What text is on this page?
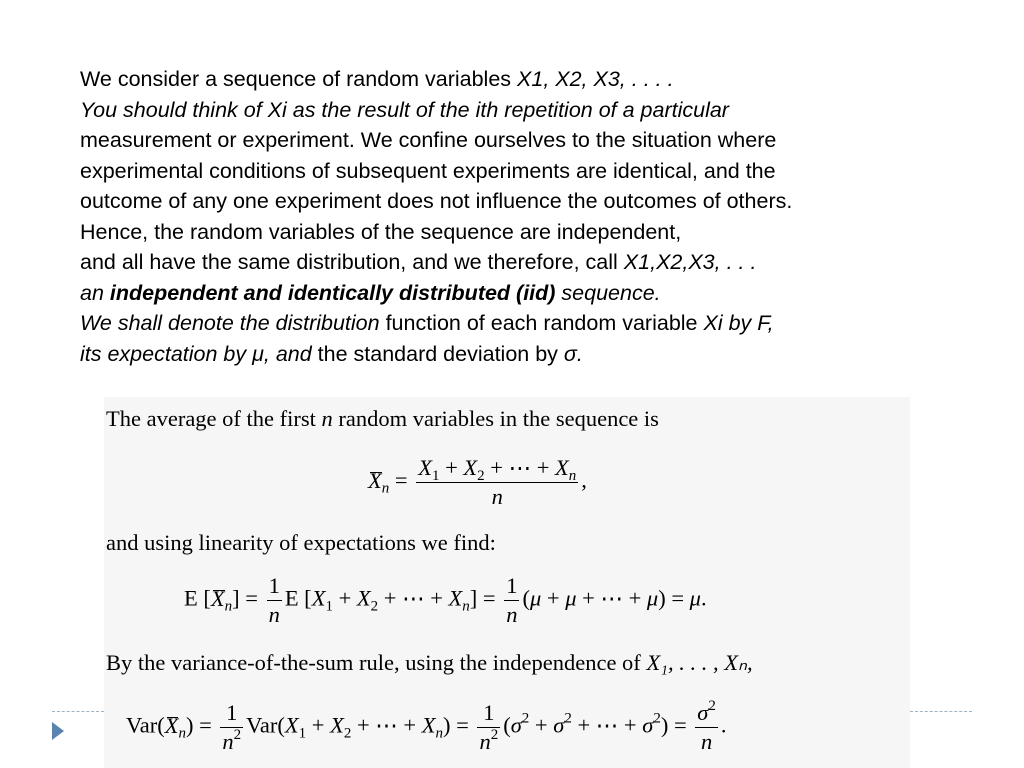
We consider a sequence of random variables X1, X2, X3, . . . .
You should think of Xi as the result of the ith repetition of a particular
measurement or experiment. We confine ourselves to the situation where
experimental conditions of subsequent experiments are identical, and the
outcome of any one experiment does not influence the outcomes of others.
Hence, the random variables of the sequence are independent,
and all have the same distribution, and we therefore, call X1,X2,X3, . . .
an independent and identically distributed (iid) sequence.
We shall denote the distribution function of each random variable Xi by F,
its expectation by μ, and the standard deviation by σ.
The average of the first n random variables in the sequence is
$X_n = \frac{X_1 + X_2 + \cdots + X_n}{n}$ ,
and using linearity of expectations we find:
E $[X_n] = \frac{1}{n}$ E [$X_1 + X_2$ + ⋯ + $X_n] = \frac{1}{n} (\mu + \mu$ + ⋯ + μ) = μ.
By the variance-of-the-sum rule, using the independence of X₁, . . . , Xₙ,
$Var(X_n) = \frac{1}{n^2} Var(X_1 + X_2$ + ⋯ + $X_n) = \frac{1}{n^2} (\sigma^2 + \sigma^2$ + ⋯ + $\sigma^2) = \frac{\sigma^2}{n}$ .
